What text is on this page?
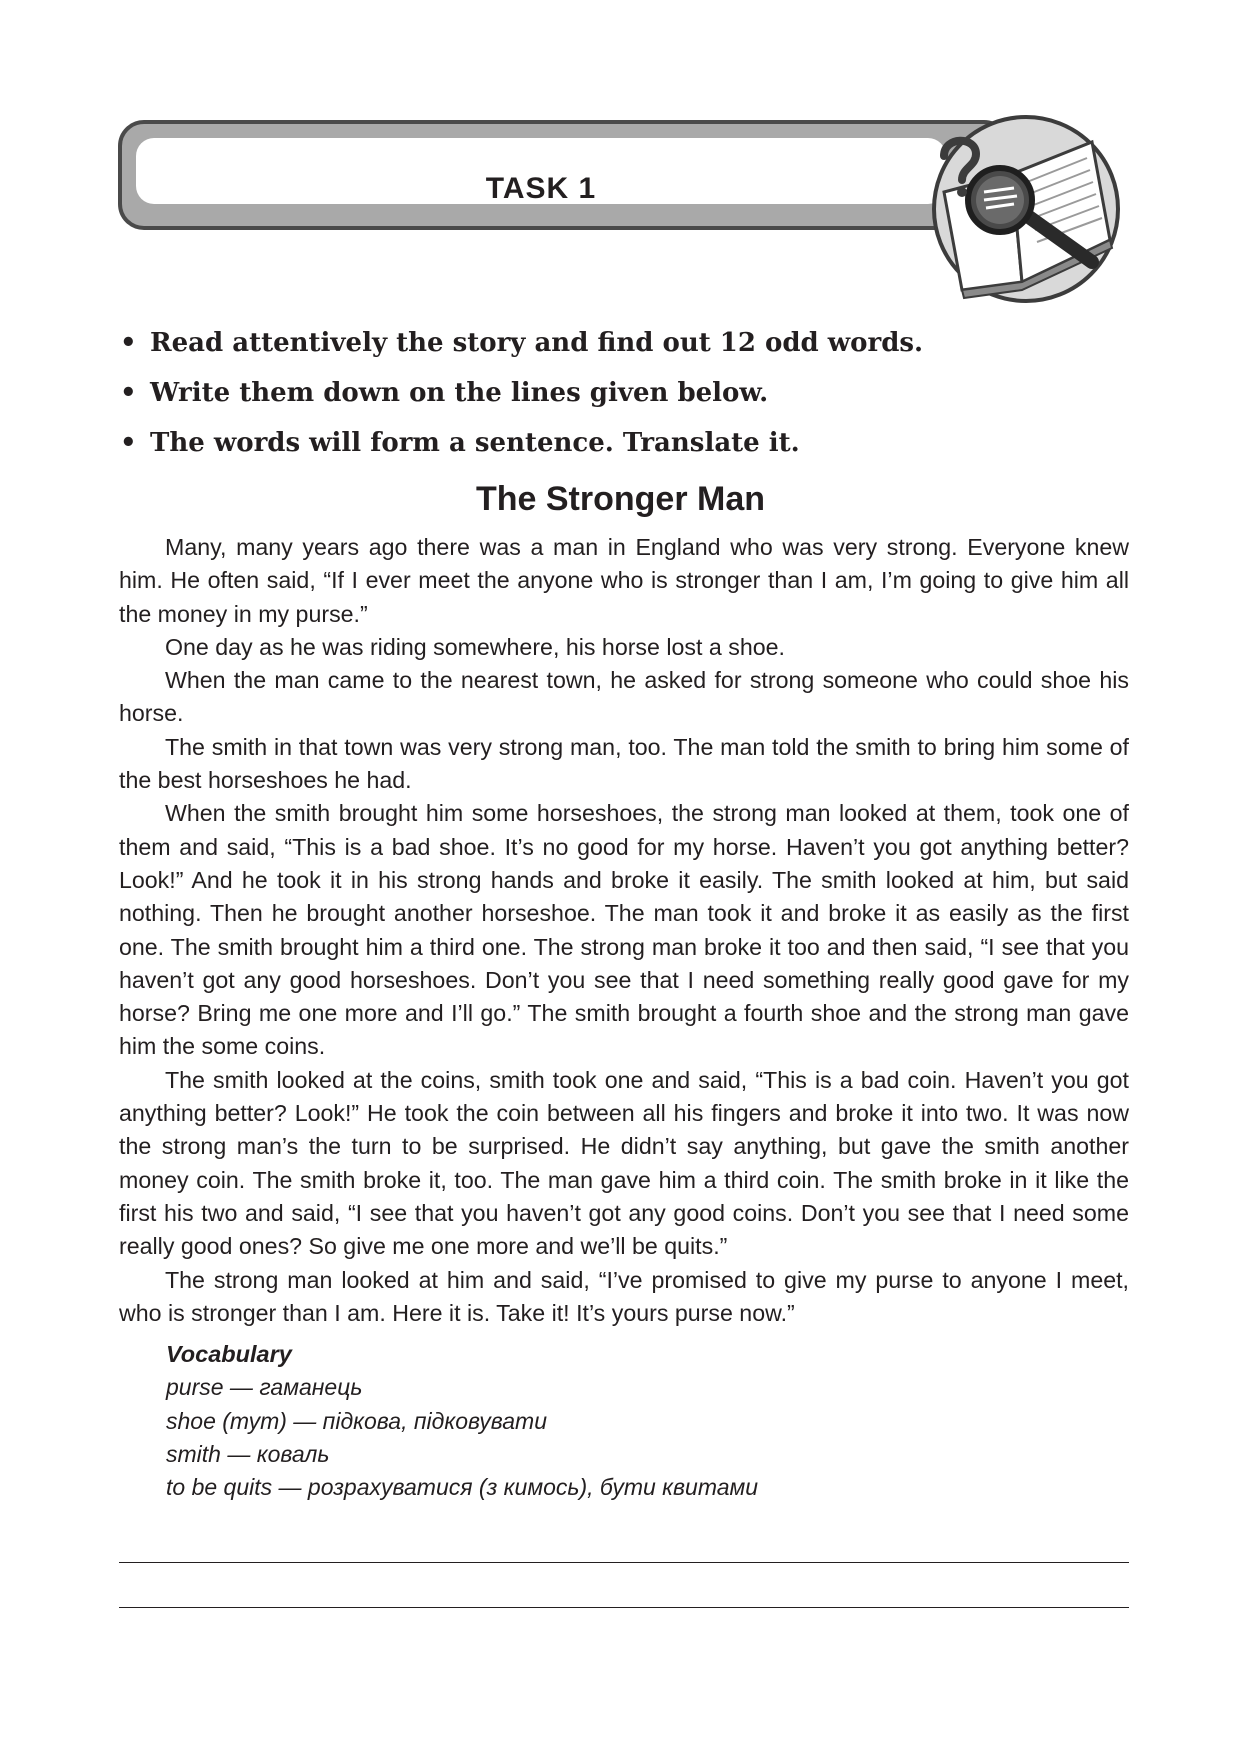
TASK 1
• Read attentively the story and find out 12 odd words.
• Write them down on the lines given below.
• The words will form a sentence. Translate it.
The Stronger Man

Many, many years ago there was a man in England who was very strong. Everyone knew him. He often said, “If I ever meet the anyone who is stronger than I am, I’m going to give him all the money in my purse.”

One day as he was riding somewhere, his horse lost a shoe.

When the man came to the nearest town, he asked for strong someone who could shoe his horse.

The smith in that town was very strong man, too. The man told the smith to bring him some of the best horseshoes he had.

When the smith brought him some horseshoes, the strong man looked at them, took one of them and said, “This is a bad shoe. It’s no good for my horse. Haven’t you got anything better? Look!” And he took it in his strong hands and broke it easily. The smith looked at him, but said nothing. Then he brought another horseshoe. The man took it and broke it as easily as the first one. The smith brought him a third one. The strong man broke it too and then said, “I see that you haven’t got any good horseshoes. Don’t you see that I need something really good gave for my horse? Bring me one more and I’ll go.” The smith brought a fourth shoe and the strong man gave him the some coins.

The smith looked at the coins, smith took one and said, “This is a bad coin. Haven’t you got anything better? Look!” He took the coin between all his fingers and broke it into two. It was now the strong man’s the turn to be surprised. He didn’t say anything, but gave the smith another money coin. The smith broke it, too. The man gave him a third coin. The smith broke in it like the first his two and said, “I see that you haven’t got any good coins. Don’t you see that I need some really good ones? So give me one more and we’ll be quits.”

The strong man looked at him and said, “I’ve promised to give my purse to anyone I meet, who is stronger than I am. Here it is. Take it! It’s yours purse now.”

Vocabulary
purse — гаманець
shoe (тут) — підкова, підковувати
smith — коваль
to be quits — розрахуватися (з кимось), бути квитами
